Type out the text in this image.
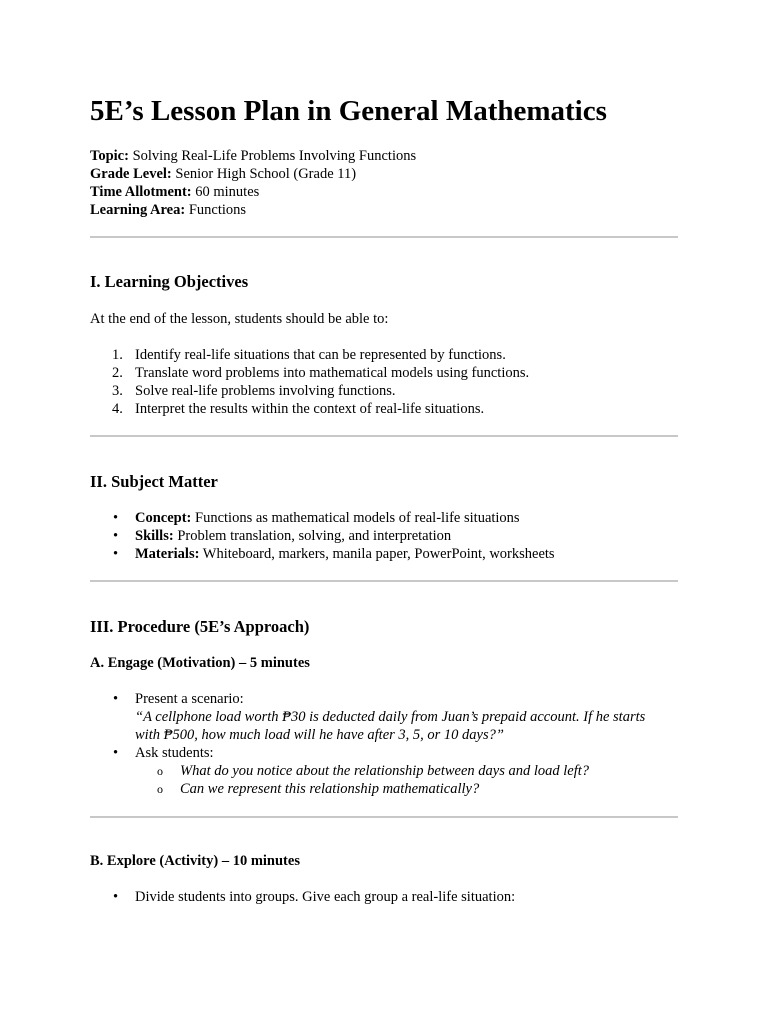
5E’s Lesson Plan in General Mathematics
Topic: Solving Real-Life Problems Involving Functions
Grade Level: Senior High School (Grade 11)
Time Allotment: 60 minutes
Learning Area: Functions
I. Learning Objectives

At the end of the lesson, students should be able to:

1. Identify real-life situations that can be represented by functions.
2. Translate word problems into mathematical models using functions.
3. Solve real-life problems involving functions.
4. Interpret the results within the context of real-life situations.
II. Subject Matter
• Concept: Functions as mathematical models of real-life situations
• Skills: Problem translation, solving, and interpretation
• Materials: Whiteboard, markers, manila paper, PowerPoint, worksheets
III. Procedure (5E’s Approach)
A. Engage (Motivation) – 5 minutes
• Present a scenario:
“A cellphone load worth ₱30 is deducted daily from Juan’s prepaid account. If he starts
with ₱500, how much load will he have after 3, 5, or 10 days?”
• Ask students:
o What do you notice about the relationship between days and load left?
o Can we represent this relationship mathematically?
B. Explore (Activity) – 10 minutes
• Divide students into groups. Give each group a real-life situation:
